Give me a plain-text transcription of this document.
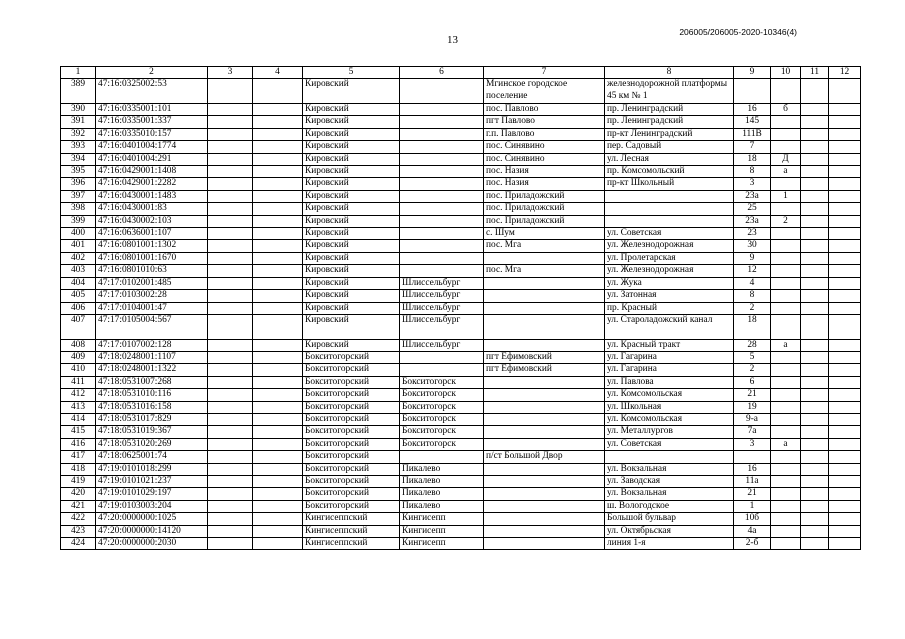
206005/206005-2020-10346(4)
13
1	2	3	4	5	6	7	8	9	10	11	12
389	47:16:0325002:53			Кировский		Мгинское городское поселение	железнодорожной платформы 45 км № 1				
390	47:16:0335001:101			Кировский		пос. Павлово	пр. Ленинградский	16	б		
391	47:16:0335001:337			Кировский		пгт Павлово	пр. Ленинградский	145			
392	47:16:0335010:157			Кировский		г.п. Павлово	пр-кт Ленинградский	111В			
393	47:16:0401004:1774			Кировский		пос. Синявино	пер. Садовый	7			
394	47:16:0401004:291			Кировский		пос. Синявино	ул. Лесная	18	Д		
395	47:16:0429001:1408			Кировский		пос. Назия	пр. Комсомольский	8	а		
396	47:16:0429001:2282			Кировский		пос. Назия	пр-кт Школьный	3			
397	47:16:0430001:1483			Кировский		пос. Приладожский		23а	1		
398	47:16:0430001:83			Кировский		пос. Приладожский		25			
399	47:16:0430002:103			Кировский		пос. Приладожский		23а	2		
400	47:16:0636001:107			Кировский		с. Шум	ул. Советская	23			
401	47:16:0801001:1302			Кировский		пос. Мга	ул. Железнодорожная	30			
402	47:16:0801001:1670			Кировский			ул. Пролетарская	9			
403	47:16:0801010:63			Кировский		пос. Мга	ул. Железнодорожная	12			
404	47:17:0102001:485			Кировский	Шлиссельбург		ул. Жука	4			
405	47:17:0103002:28			Кировский	Шлиссельбург		ул. Затонная	8			
406	47:17:0104001:47			Кировский	Шлиссельбург		пр. Красный	2			
407	47:17:0105004:567			Кировский	Шлиссельбург		ул. Староладожский канал	18			
408	47:17:0107002:128			Кировский	Шлиссельбург		ул. Красный тракт	28	а		
409	47:18:0248001:1107			Бокситогорский		пгт Ефимовский	ул. Гагарина	5			
410	47:18:0248001:1322			Бокситогорский		пгт Ефимовский	ул. Гагарина	2			
411	47:18:0531007:268			Бокситогорский	Бокситогорск		ул. Павлова	6			
412	47:18:0531010:116			Бокситогорский	Бокситогорск		ул. Комсомольская	21			
413	47:18:0531016:158			Бокситогорский	Бокситогорск		ул. Школьная	19			
414	47:18:0531017:829			Бокситогорский	Бокситогорск		ул. Комсомольская	9-а			
415	47:18:0531019:367			Бокситогорский	Бокситогорск		ул. Металлургов	7а			
416	47:18:0531020:269			Бокситогорский	Бокситогорск		ул. Советская	3	а		
417	47:18:0625001:74			Бокситогорский		п/ст Большой Двор					
418	47:19:0101018:299			Бокситогорский	Пикалево		ул. Вокзальная	16			
419	47:19:0101021:237			Бокситогорский	Пикалево		ул. Заводская	11а			
420	47:19:0101029:197			Бокситогорский	Пикалево		ул. Вокзальная	21			
421	47:19:0103003:204			Бокситогорский	Пикалево		ш. Вологодское	1			
422	47:20:0000000:1025			Кингисеппский	Кингисепп		Большой бульвар	10б			
423	47:20:0000000:14120			Кингисеппский	Кингисепп		ул. Октябрьская	4а			
424	47:20:0000000:2030			Кингисеппский	Кингисепп		линия 1-я	2-б			
